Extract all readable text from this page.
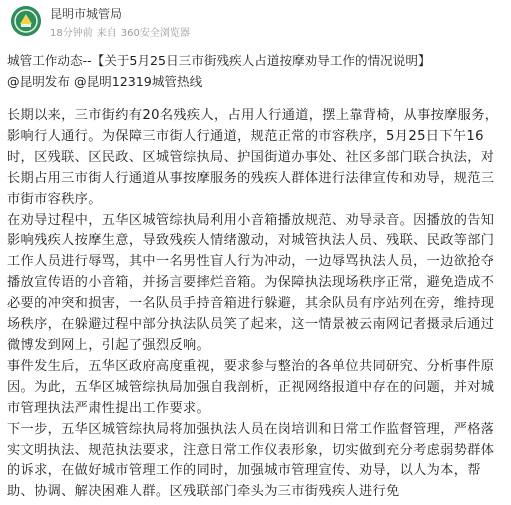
昆明市城管局
18分钟前 来自 360安全浏览器
城管工作动态--【关于5月25日三市街残疾人占道按摩劝导工作的情况说明】
@昆明发布 @昆明12319城管热线

长期以来，三市街约有20名残疾人，占用人行通道，摆上靠背椅，从事按摩服务，影响行人通行。为保障三市街人行通道，规范正常的市容秩序，5月25日下午16时，区残联、区民政、区城管综执局、护国街道办事处、社区多部门联合执法，对长期占用三市街人行通道从事按摩服务的残疾人群体进行法律宣传和劝导，规范三市街市容秩序。

在劝导过程中，五华区城管综执局利用小音箱播放规范、劝导录音。因播放的告知影响残疾人按摩生意，导致残疾人情绪激动，对城管执法人员、残联、民政等部门工作人员进行辱骂，其中一名男性盲人行为冲动，一边辱骂执法人员，一边欲抢夺播放宣传语的小音箱，并扬言要摔烂音箱。为保障执法现场秩序正常，避免造成不必要的冲突和损害，一名队员手持音箱进行躲避，其余队员有序站列在旁，维持现场秩序，在躲避过程中部分执法队员笑了起来，这一情景被云南网记者摄录后通过微博发到网上，引起了强烈反响。

事件发生后，五华区政府高度重视，要求参与整治的各单位共同研究、分析事件原因。为此，五华区城管综执局加强自我剖析，正视网络报道中存在的问题，并对城市管理执法严肃性提出工作要求。

下一步，五华区城管综执局将加强执法人员在岗培训和日常工作监督管理，严格落实文明执法、规范执法要求，注意日常工作仪表形象，切实做到充分考虑弱势群体的诉求，在做好城市管理工作的同时，加强城市管理宣传、劝导，以人为本，帮助、协调、解决困难人群。区残联部门牵头为三市街残疾人进行免
